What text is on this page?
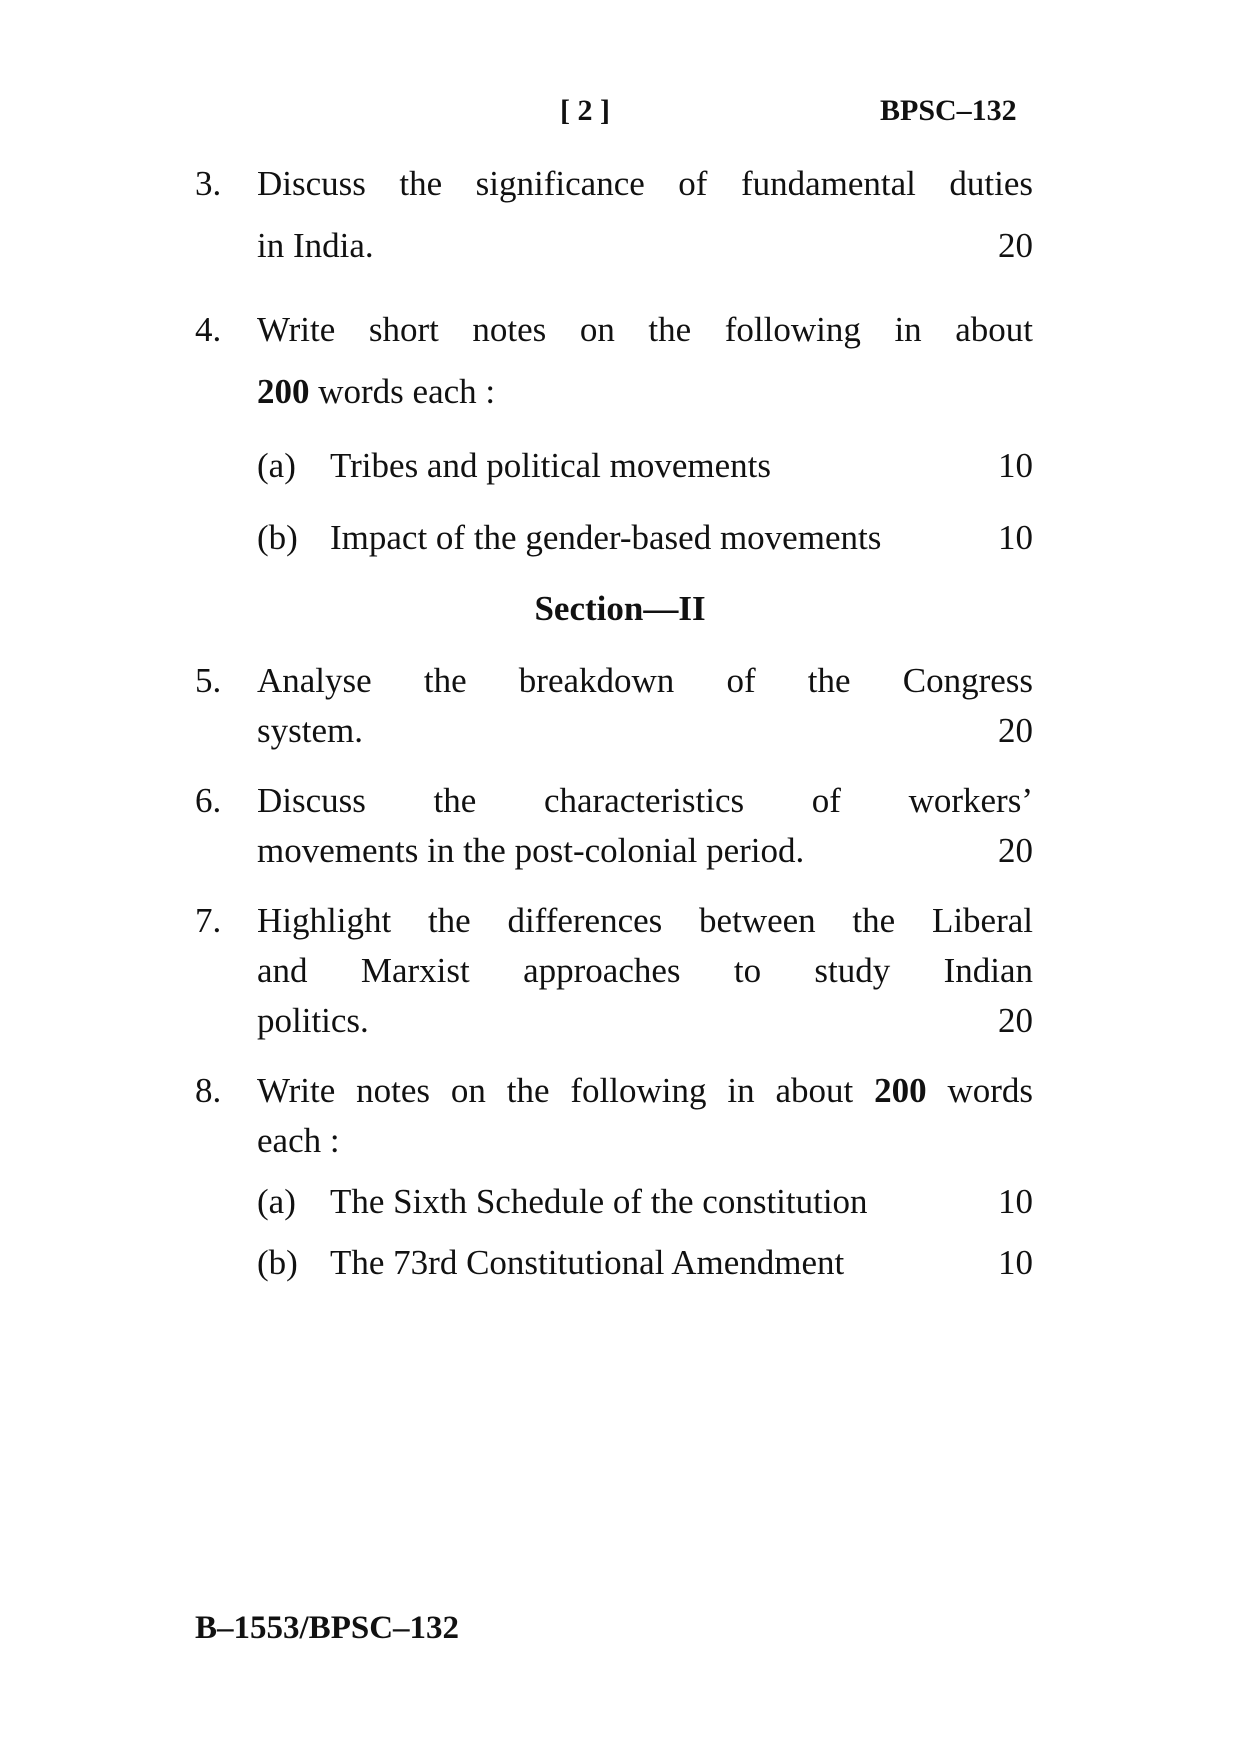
[ 2 ]	BPSC–132
3. Discuss the significance of fundamental duties
in India.	20
4. Write short notes on the following in about
200 words each :
(a) Tribes and political movements	10
(b) Impact of the gender-based movements	10
Section—II
5. Analyse the breakdown of the Congress
system.	20
6. Discuss the characteristics of workers’
movements in the post-colonial period.	20
7. Highlight the differences between the Liberal
and Marxist approaches to study Indian
politics.	20
8. Write notes on the following in about 200 words
each :
(a) The Sixth Schedule of the constitution	10
(b) The 73rd Constitutional Amendment	10
B–1553/BPSC–132
